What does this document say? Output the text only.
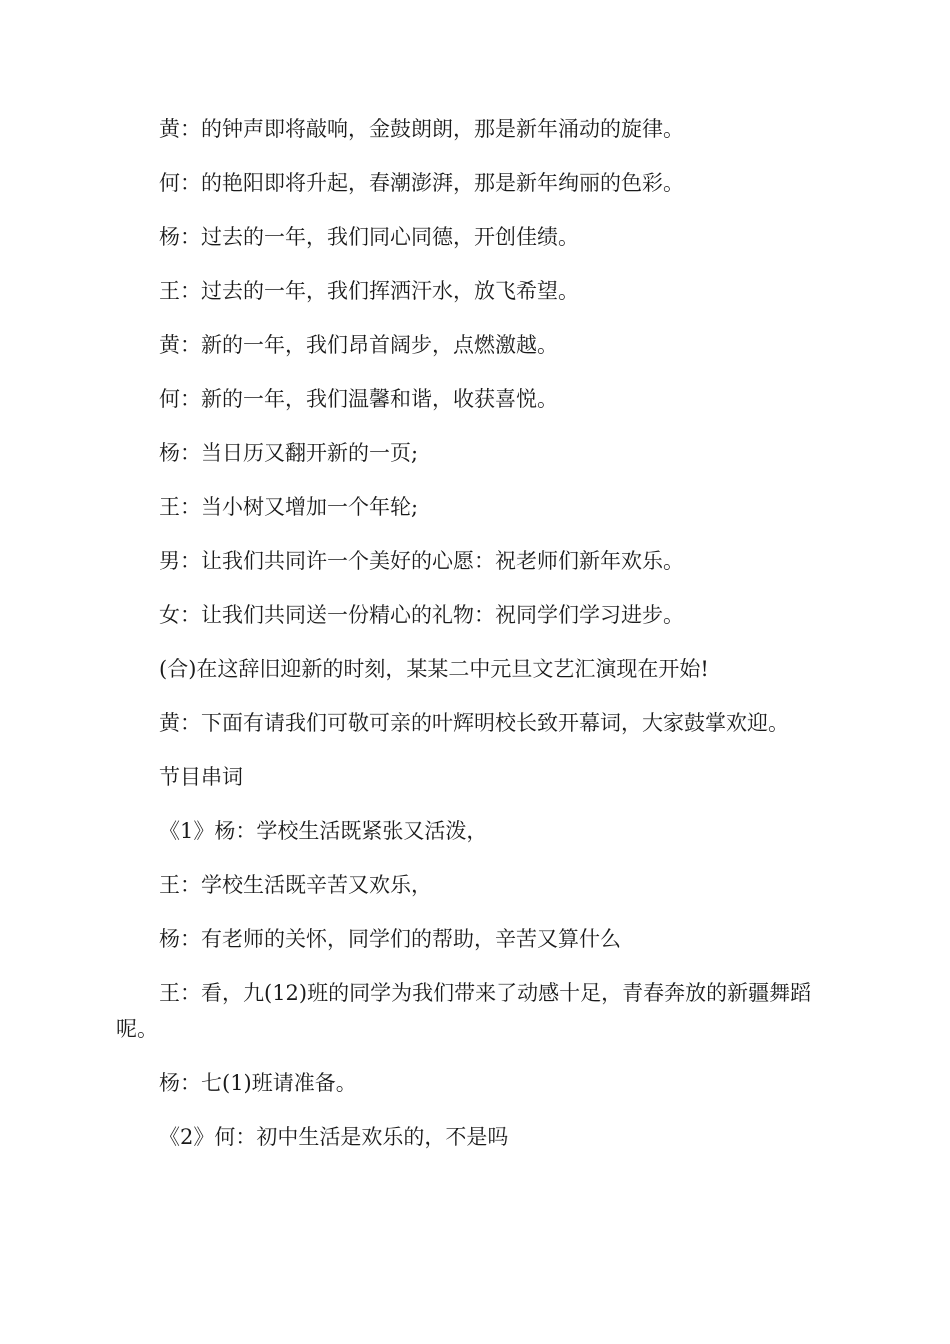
黄：的钟声即将敲响，金鼓朗朗，那是新年涌动的旋律。

何：的艳阳即将升起，春潮澎湃，那是新年绚丽的色彩。

杨：过去的一年，我们同心同德，开创佳绩。

王：过去的一年，我们挥洒汗水，放飞希望。

黄：新的一年，我们昂首阔步，点燃激越。

何：新的一年，我们温馨和谐，收获喜悦。

杨：当日历又翻开新的一页;

王：当小树又增加一个年轮;

男：让我们共同许一个美好的心愿：祝老师们新年欢乐。

女：让我们共同送一份精心的礼物：祝同学们学习进步。

(合)在这辞旧迎新的时刻，某某二中元旦文艺汇演现在开始!

黄：下面有请我们可敬可亲的叶辉明校长致开幕词，大家鼓掌欢迎。

节目串词

《1》杨：学校生活既紧张又活泼，

王：学校生活既辛苦又欢乐，

杨：有老师的关怀，同学们的帮助，辛苦又算什么

王：看，九(12)班的同学为我们带来了动感十足，青春奔放的新疆舞蹈呢。

杨：七(1)班请准备。

《2》何：初中生活是欢乐的，不是吗
